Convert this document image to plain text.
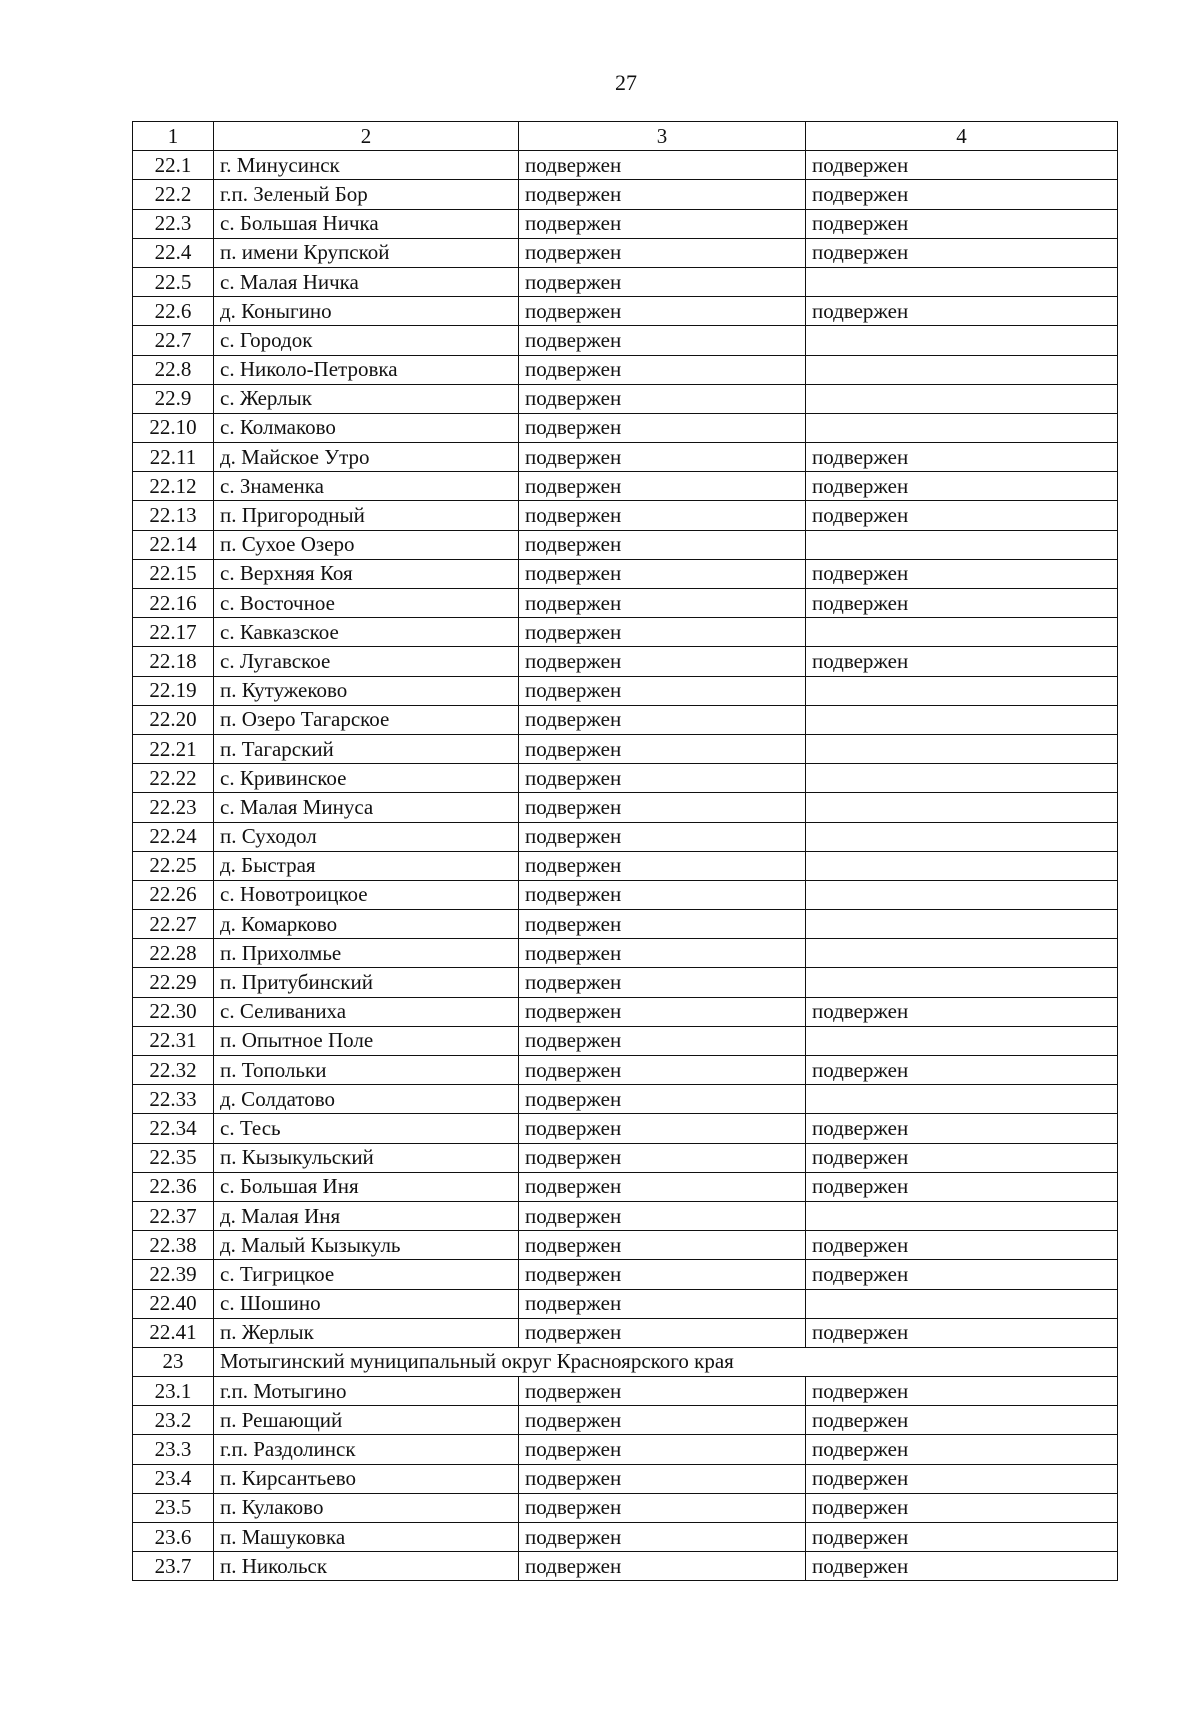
27
1	2	3	4
22.1	г. Минусинск	подвержен	подвержен
22.2	г.п. Зеленый Бор	подвержен	подвержен
22.3	с. Большая Ничка	подвержен	подвержен
22.4	п. имени Крупской	подвержен	подвержен
22.5	с. Малая Ничка	подвержен	
22.6	д. Коныгино	подвержен	подвержен
22.7	с. Городок	подвержен	
22.8	с. Николо-Петровка	подвержен	
22.9	с. Жерлык	подвержен	
22.10	с. Колмаково	подвержен	
22.11	д. Майское Утро	подвержен	подвержен
22.12	с. Знаменка	подвержен	подвержен
22.13	п. Пригородный	подвержен	подвержен
22.14	п. Сухое Озеро	подвержен	
22.15	с. Верхняя Коя	подвержен	подвержен
22.16	с. Восточное	подвержен	подвержен
22.17	с. Кавказское	подвержен	
22.18	с. Лугавское	подвержен	подвержен
22.19	п. Кутужеково	подвержен	
22.20	п. Озеро Тагарское	подвержен	
22.21	п. Тагарский	подвержен	
22.22	с. Кривинское	подвержен	
22.23	с. Малая Минуса	подвержен	
22.24	п. Суходол	подвержен	
22.25	д. Быстрая	подвержен	
22.26	с. Новотроицкое	подвержен	
22.27	д. Комарково	подвержен	
22.28	п. Прихолмье	подвержен	
22.29	п. Притубинский	подвержен	
22.30	с. Селиваниха	подвержен	подвержен
22.31	п. Опытное Поле	подвержен	
22.32	п. Топольки	подвержен	подвержен
22.33	д. Солдатово	подвержен	
22.34	с. Тесь	подвержен	подвержен
22.35	п. Кызыкульский	подвержен	подвержен
22.36	с. Большая Иня	подвержен	подвержен
22.37	д. Малая Иня	подвержен	
22.38	д. Малый Кызыкуль	подвержен	подвержен
22.39	с. Тигрицкое	подвержен	подвержен
22.40	с. Шошино	подвержен	
22.41	п. Жерлык	подвержен	подвержен
23	Мотыгинский муниципальный округ Красноярского края		
23.1	г.п. Мотыгино	подвержен	подвержен
23.2	п. Решающий	подвержен	подвержен
23.3	г.п. Раздолинск	подвержен	подвержен
23.4	п. Кирсантьево	подвержен	подвержен
23.5	п. Кулаково	подвержен	подвержен
23.6	п. Машуковка	подвержен	подвержен
23.7	п. Никольск	подвержен	подвержен
